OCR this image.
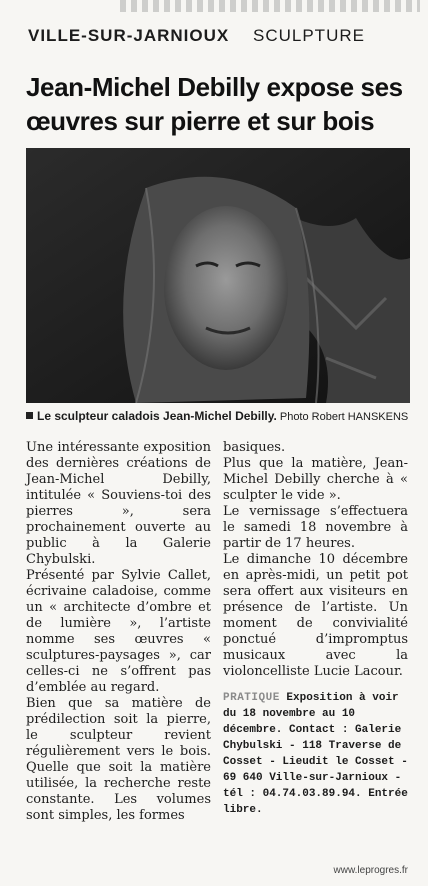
VILLE-SUR-JARNIOUX SCULPTURE
Jean-Michel Debilly expose ses œuvres sur pierre et sur bois
Le sculpteur caladois Jean-Michel Debilly. Photo Robert HANSKENS

Une intéressante exposition des dernières créations de Jean-Michel Debilly, intitulée « Souviens-toi des pierres », sera prochainement ouverte au public à la Galerie Chybulski.

Présenté par Sylvie Callet, écrivaine caladoise, comme un « architecte d’ombre et de lumière », l’artiste nomme ses œuvres « sculptures-paysages », car celles-ci ne s’offrent pas d’emblée au regard.

Bien que sa matière de prédilection soit la pierre, le sculpteur revient régulièrement vers le bois. Quelle que soit la matière utilisée, la recherche reste constante. Les volumes sont simples, les formes

basiques.

Plus que la matière, Jean-Michel Debilly cherche à « sculpter le vide ».

Le vernissage s’effectuera le samedi 18 novembre à partir de 17 heures.

Le dimanche 10 décembre en après-midi, un petit pot sera offert aux visiteurs en présence de l’artiste. Un moment de convivialité ponctué d’impromptus musicaux avec la violoncelliste Lucie Lacour.

PRATIQUE Exposition à voir du 18 novembre au 10 décembre. Contact : Galerie Chybulski - 118 Traverse de Cosset - Lieudit le Cosset - 69 640 Ville-sur-Jarnioux - tél : 04.74.03.89.94. Entrée libre.
www.leprogres.fr
